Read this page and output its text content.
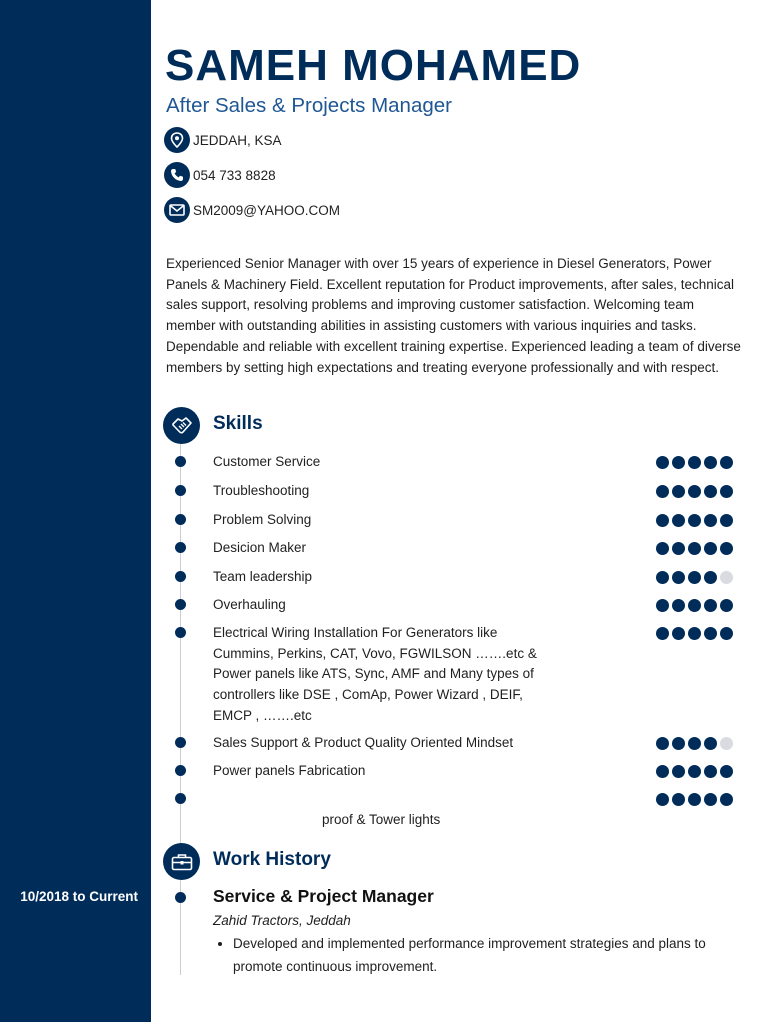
10/2018 to Current
SAMEH MOHAMED
After Sales & Projects Manager
JEDDAH, KSA
054 733 8828
SM2009@YAHOO.COM
Experienced Senior Manager with over 15 years of experience in Diesel Generators, Power Panels & Machinery Field. Excellent reputation for Product improvements, after sales, technical sales support, resolving problems and improving customer satisfaction. Welcoming team member with outstanding abilities in assisting customers with various inquiries and tasks. Dependable and reliable with excellent training expertise. Experienced leading a team of diverse members by setting high expectations and treating everyone professionally and with respect.
Skills
Customer Service
Troubleshooting
Problem Solving
Desicion Maker
Team leadership
Overhauling
Electrical Wiring Installation For Generators like Cummins, Perkins, CAT, Vovo, FGWILSON …….etc & Power panels like ATS, Sync, AMF and Many types of controllers like DSE , ComAp, Power Wizard , DEIF, EMCP , …….etc
Sales Support & Product Quality Oriented Mindset
Power panels Fabrication
proof & Tower lights
Work History
Service & Project Manager
Zahid Tractors, Jeddah
• Developed and implemented performance improvement strategies and plans to promote continuous improvement.
